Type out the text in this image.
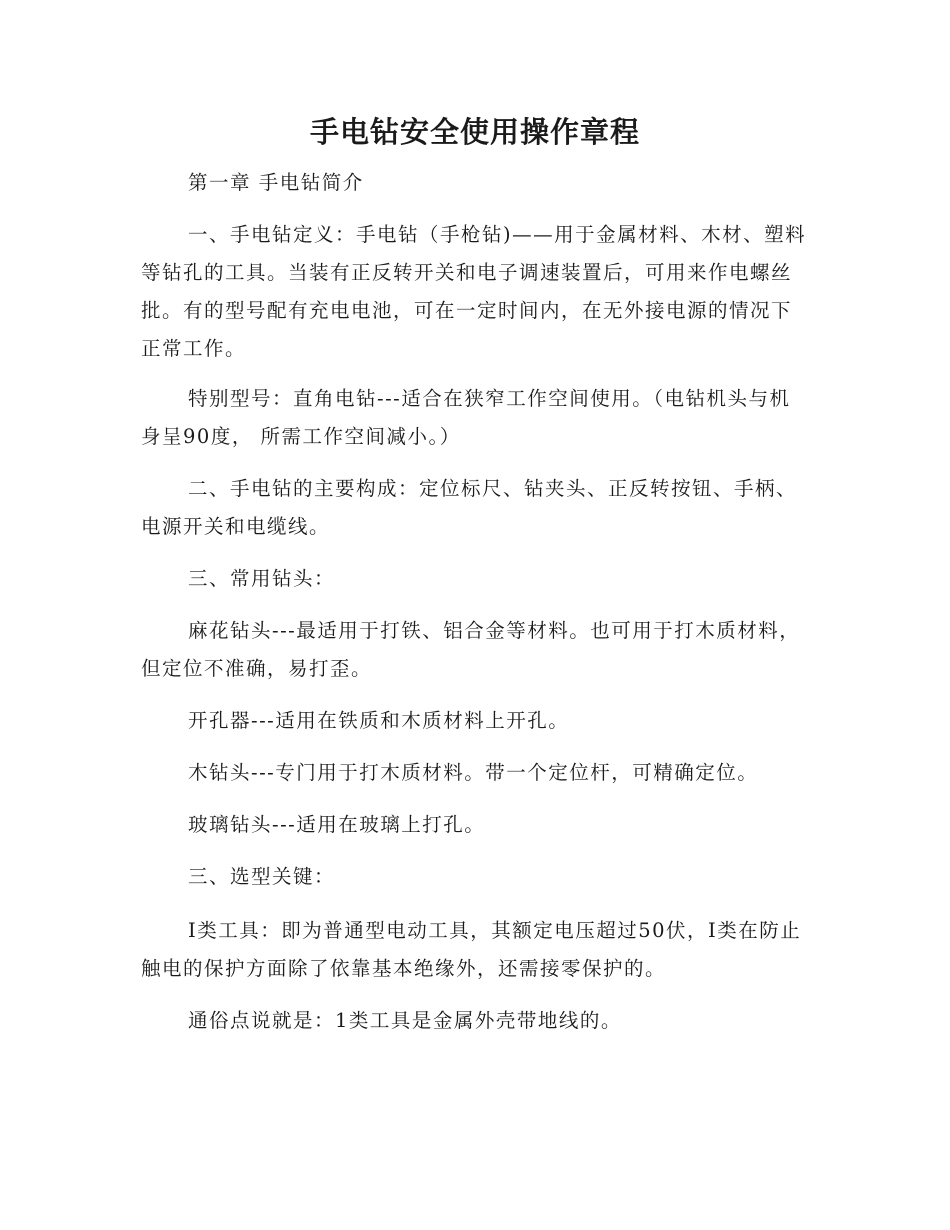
手电钻安全使用操作章程

第一章 手电钻简介

一、手电钻定义：手电钻（手枪钻)——用于金属材料、木材、塑料等钻孔的工具。当装有正反转开关和电子调速装置后，可用来作电螺丝批。有的型号配有充电电池，可在一定时间内，在无外接电源的情况下正常工作。

特别型号：直角电钻---适合在狭窄工作空间使用。（电钻机头与机身呈90度， 所需工作空间减小。）

二、手电钻的主要构成：定位标尺、钻夹头、正反转按钮、手柄、电源开关和电缆线。

三、常用钻头：

麻花钻头---最适用于打铁、铝合金等材料。也可用于打木质材料，但定位不准确，易打歪。

开孔器---适用在铁质和木质材料上开孔。

木钻头---专门用于打木质材料。带一个定位杆，可精确定位。

玻璃钻头---适用在玻璃上打孔。

三、选型关键：

Ⅰ类工具：即为普通型电动工具，其额定电压超过50伏，Ⅰ类在防止触电的保护方面除了依靠基本绝缘外，还需接零保护的。

通俗点说就是：1类工具是金属外壳带地线的。
